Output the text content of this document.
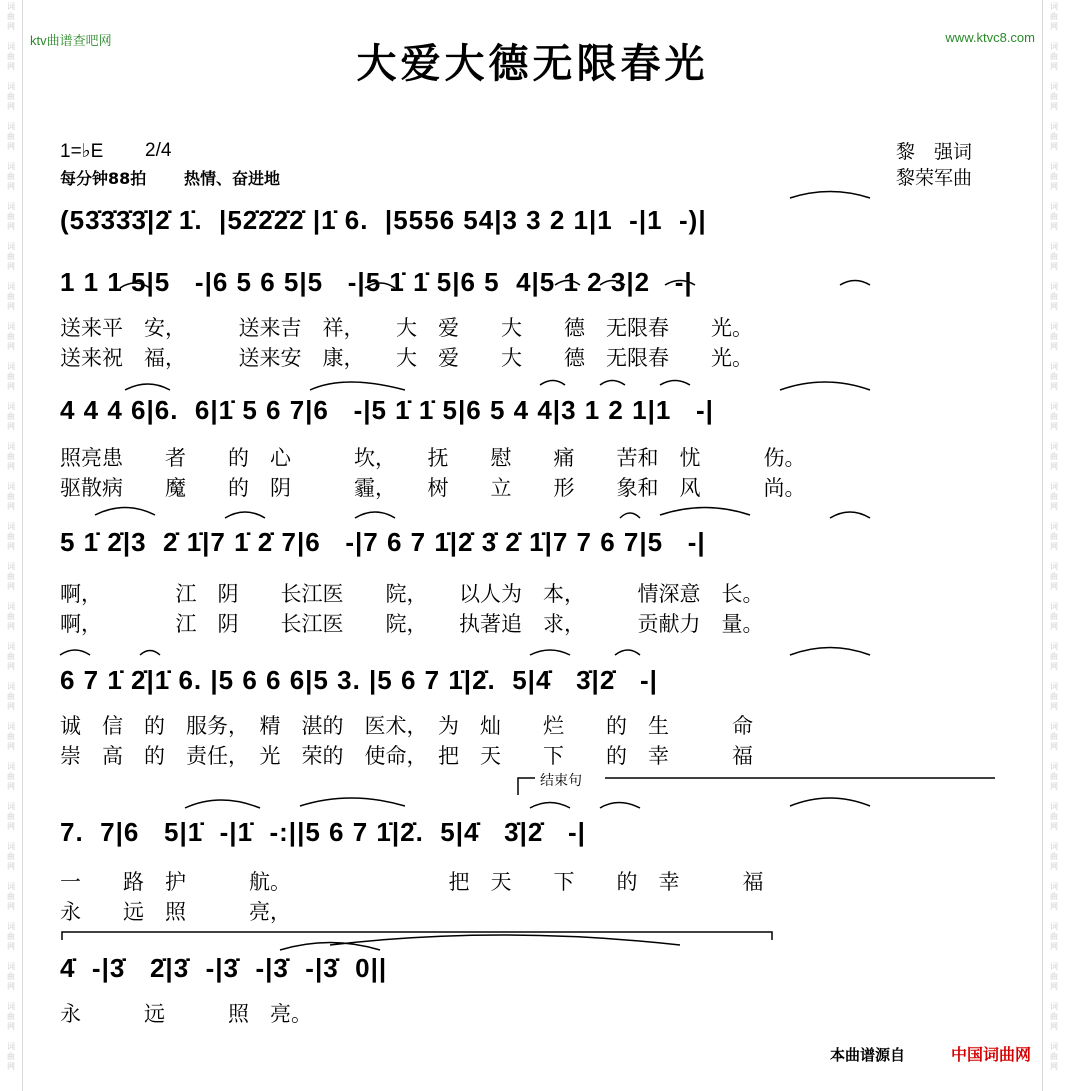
ktv曲谱查吧网	www.ktvc8.com
大爱大德无限春光
1=♭E 2/4
每分钟88拍 热情、奋进地
黎　强词
黎荣军曲
(53̇3̇3̇3̇|2̇ 1̇.  |52̇2̇2̇2̇ |1̇ 6.  |5556 54|3 3 2 1|1  -|1  -)|
1 1 1 5|5   -|6 5 6 5|5   -|5 1̇ 1̇ 5|6 5  4|5 1 2 3|2   -|
送来平　安，　　　送来吉　祥，　　大　爱　　大　　德　无限春　　光。
送来祝　福，　　　送来安　康，　　大　爱　　大　　德　无限春　　光。
4 4 4 6|6.  6|1̇ 5 6 7|6   -|5 1̇ 1̇ 5|6 5 4 4|3 1 2 1|1   -|
照亮患　　者　　的　心　　　坎，　　抚　　慰　　痛　　苦和　忧　　　伤。
驱散病　　魔　　的　阴　　　霾，　　树　　立　　形　　象和　风　　　尚。
5 1̇ 2̇|3  2̇ 1̇|7 1̇ 2̇ 7|6   -|7 6 7 1̇|2̇ 3̇ 2̇ 1̇|7 7 6 7|5   -|
啊，　　　　江　阴　　长江医　　院，　　以人为　本，　　　情深意　长。
啊，　　　　江　阴　　长江医　　院，　　执著追　求，　　　贡献力　量。
6 7 1̇ 2̇|1̇ 6. |5 6 6 6|5 3. |5 6 7 1̇|2̇.  5|4̇   3̇|2̇   -|
诚　信　的　服务，　精　湛的　医术，　为　灿　　烂　　的　生　　　命
崇　高　的　责任，　光　荣的　使命，　把　天　　下　　的　幸　　　福
结束句
7.  7|6   5|1̇  -|1̇  -:||5 6 7 1̇|2̇.  5|4̇   3̇|2̇   -|
一　　路　护　　　航。　　　　　　　　把　天　　下　　的　幸　　　福
永　　远　照　　　亮，
4̇  -|3̇   2̇|3̇  -|3̇  -|3̇  -|3̇  0||
永　　　远　　　照　亮。
词
曲
网
词
曲
网
词
曲
网
词
曲
网
词
曲
网
词
曲
网
词
曲
网
词
曲
网
词
曲
网
词
曲
网
词
曲
网
词
曲
网
词
曲
网
词
曲
网
词
曲
网
词
曲
网
词
曲
网
词
曲
网
词
曲
网
词
曲
网
词
曲
网
词
曲
网
词
曲
网
词
曲
网
词
曲
网
词
曲
网
词
曲
网
词
曲
网
词
曲
网
词
曲
网
词
曲
网
词
曲
网
词
曲
网
词
曲
网
词
曲
网
词
曲
网
词
曲
网
词
曲
网
词
曲
网
词
曲
网
词
曲
网
词
曲
网
词
曲
网
词
曲
网
词
曲
网
词
曲
网
词
曲
网
词
曲
网
词
曲
网
词
曲
网
词
曲
网
词
曲
网
词
曲
网
词
曲
网
本曲谱源自	中国词曲网
